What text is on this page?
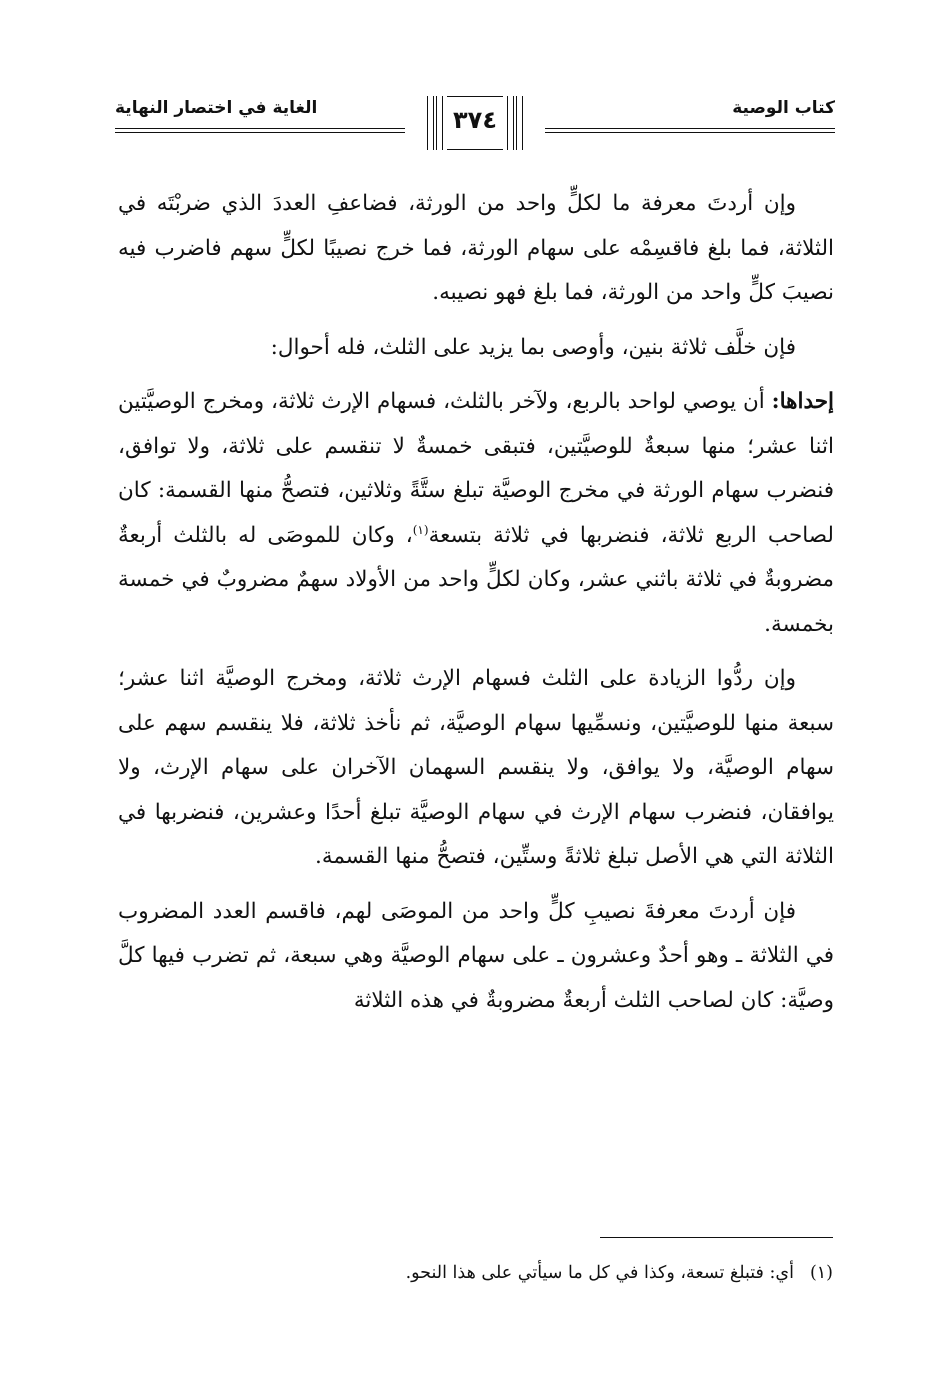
كتاب الوصية
الغاية في اختصار النهاية	٣٧٤

وإن أردتَ معرفة ما لكلٍّ واحد من الورثة، فضاعفِ العددَ الذي ضربْتَه في الثلاثة، فما بلغ فاقسِمْه على سهام الورثة، فما خرج نصيبًا لكلٍّ سهم فاضرب فيه نصيبَ كلٍّ واحد من الورثة، فما بلغ فهو نصيبه.

فإن خلَّف ثلاثة بنين، وأوصى بما يزيد على الثلث، فله أحوال:

إحداها: أن يوصي لواحد بالربع، ولآخر بالثلث، فسهام الإرث ثلاثة، ومخرج الوصيَّتين اثنا عشر؛ منها سبعةٌ للوصيَّتين، فتبقى خمسةٌ لا تنقسم على ثلاثة، ولا توافق، فنضرب سهام الورثة في مخرج الوصيَّة تبلغ ستَّةً وثلاثين، فتصحُّ منها القسمة: كان لصاحب الربع ثلاثة، فنضربها في ثلاثة بتسعة$^{(١)}$، وكان للموصَى له بالثلث أربعةٌ مضروبةٌ في ثلاثة باثني عشر، وكان لكلٍّ واحد من الأولاد سهمٌ مضروبٌ في خمسة بخمسة.

وإن ردُّوا الزيادة على الثلث فسهام الإرث ثلاثة، ومخرج الوصيَّة اثنا عشر؛ سبعة منها للوصيَّتين، ونسمِّيها سهام الوصيَّة، ثم نأخذ ثلاثة، فلا ينقسم سهم على سهام الوصيَّة، ولا يوافق، ولا ينقسم السهمان الآخران على سهام الإرث، ولا يوافقان، فنضرب سهام الإرث في سهام الوصيَّة تبلغ أحدًا وعشرين، فنضربها في الثلاثة التي هي الأصل تبلغ ثلاثةً وستِّين، فتصحُّ منها القسمة.

فإن أردتَ معرفةَ نصيبِ كلٍّ واحد من الموصَى لهم، فاقسم العدد المضروب في الثلاثة ـ وهو أحدٌ وعشرون ـ على سهام الوصيَّة وهي سبعة، ثم تضرب فيها كلَّ وصيَّة: كان لصاحب الثلث أربعةٌ مضروبةٌ في هذه الثلاثة

(١)أي: فتبلغ تسعة، وكذا في كل ما سيأتي على هذا النحو.
